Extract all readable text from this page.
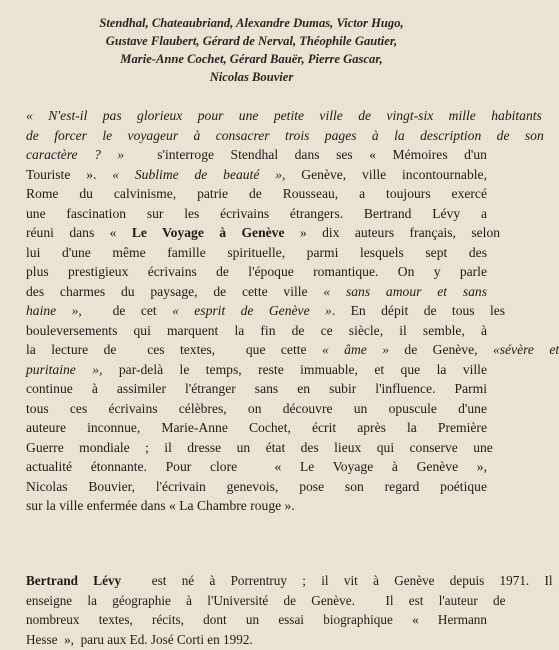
Stendhal, Chateaubriand, Alexandre Dumas, Victor Hugo,
Gustave Flaubert, Gérard de Nerval, Théophile Gautier,
Marie-Anne Cochet, Gérard Bauër, Pierre Gascar,
Nicolas Bouvier
« N'est-il pas glorieux pour une petite ville de vingt-six mille habitants
de forcer le voyageur à consacrer trois pages à la description de son
caractère ? »  s'interroge Stendhal dans ses « Mémoires d'un
Touriste ». « Sublime de beauté », Genève, ville incontournable,
Rome du calvinisme, patrie de Rousseau, a toujours exercé
une fascination sur les écrivains étrangers. Bertrand Lévy a
réuni dans « Le Voyage à Genève » dix auteurs français, selon
lui d'une même famille spirituelle, parmi lesquels sept des
plus prestigieux écrivains de l'époque romantique. On y parle
des charmes du paysage, de cette ville « sans amour et sans
haine »,  de cet « esprit de Genève ». En dépit de tous les
bouleversements qui marquent la fin de ce siècle, il semble, à
la lecture de  ces textes,  que cette « âme » de Genève, «sévère et
puritaine », par-delà le temps, reste immuable, et que la ville
continue à assimiler l'étranger sans en subir l'influence. Parmi
tous ces écrivains célèbres, on découvre un opuscule d'une
auteure inconnue, Marie-Anne Cochet, écrit après la Première
Guerre mondiale ; il dresse un état des lieux qui conserve une
actualité étonnante. Pour clore  « Le Voyage à Genève »,
Nicolas Bouvier, l'écrivain genevois, pose son regard poétique
sur la ville enfermée dans « La Chambre rouge ».
Bertrand Lévy  est né à Porrentruy ; il vit à Genève depuis 1971. Il
enseigne la géographie à l'Université de Genève.  Il est l'auteur de
nombreux textes, récits, dont un essai biographique « Hermann
Hesse  »,  paru aux Ed. José Corti en 1992.
